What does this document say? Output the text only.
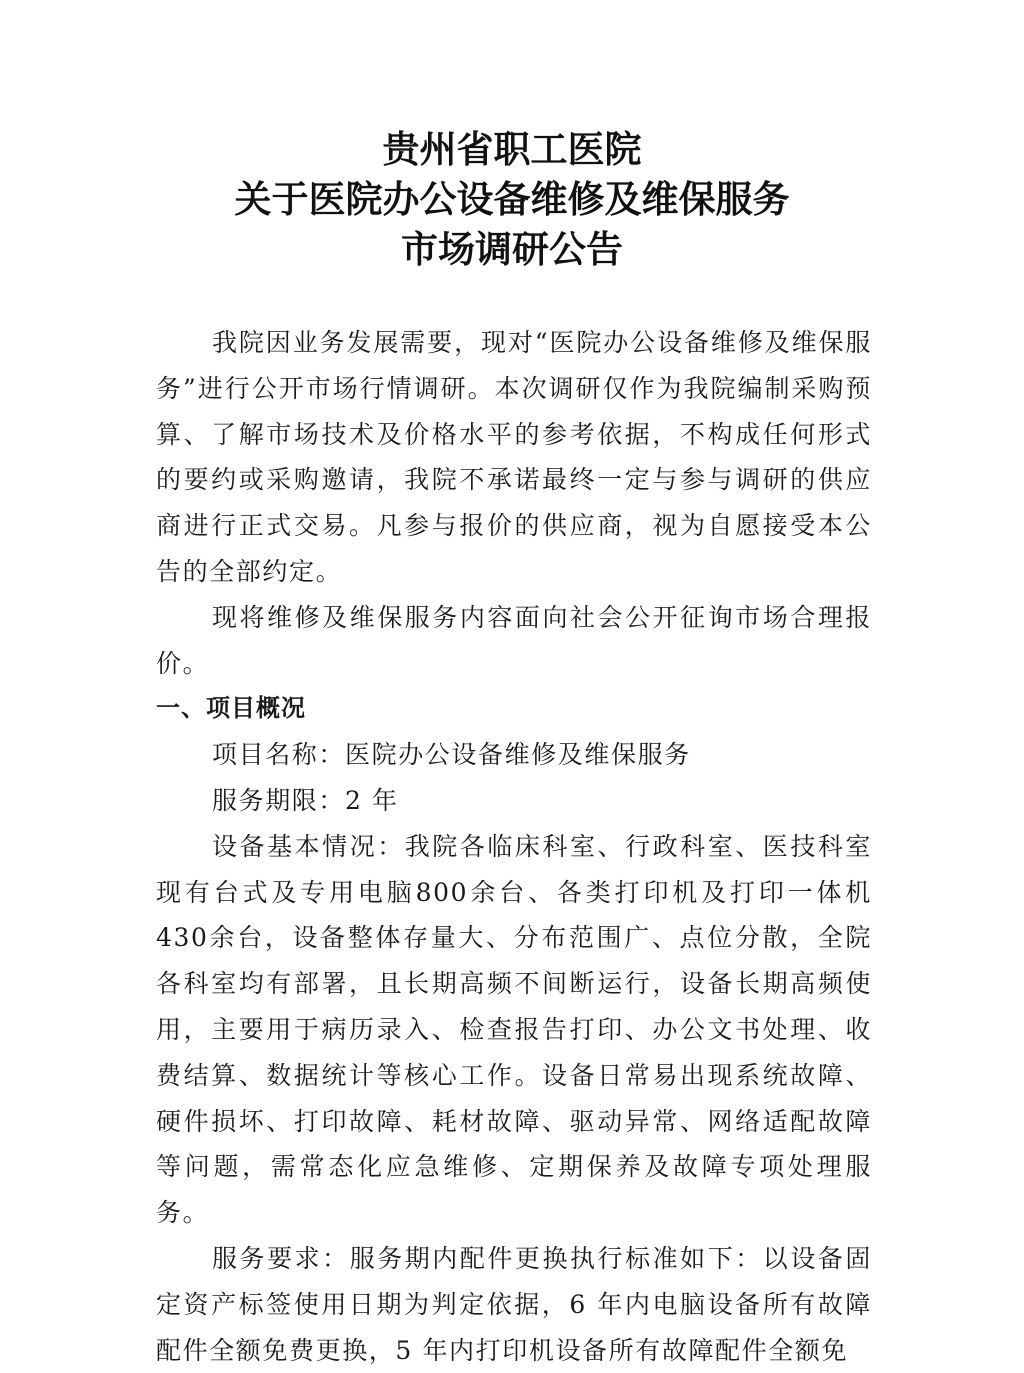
贵州省职工医院
关于医院办公设备维修及维保服务
市场调研公告

我院因业务发展需要，现对“医院办公设备维修及维保服务”进行公开市场行情调研。本次调研仅作为我院编制采购预算、了解市场技术及价格水平的参考依据，不构成任何形式的要约或采购邀请，我院不承诺最终一定与参与调研的供应商进行正式交易。凡参与报价的供应商，视为自愿接受本公告的全部约定。

现将维修及维保服务内容面向社会公开征询市场合理报价。

一、项目概况

项目名称：医院办公设备维修及维保服务

服务期限：2 年

设备基本情况：我院各临床科室、行政科室、医技科室现有台式及专用电脑800余台、各类打印机及打印一体机430余台，设备整体存量大、分布范围广、点位分散，全院各科室均有部署，且长期高频不间断运行，设备长期高频使用，主要用于病历录入、检查报告打印、办公文书处理、收费结算、数据统计等核心工作。设备日常易出现系统故障、硬件损坏、打印故障、耗材故障、驱动异常、网络适配故障等问题，需常态化应急维修、定期保养及故障专项处理服务。

服务要求：服务期内配件更换执行标准如下：以设备固定资产标签使用日期为判定依据，6 年内电脑设备所有故障配件全额免费更换，5 年内打印机设备所有故障配件全额免
